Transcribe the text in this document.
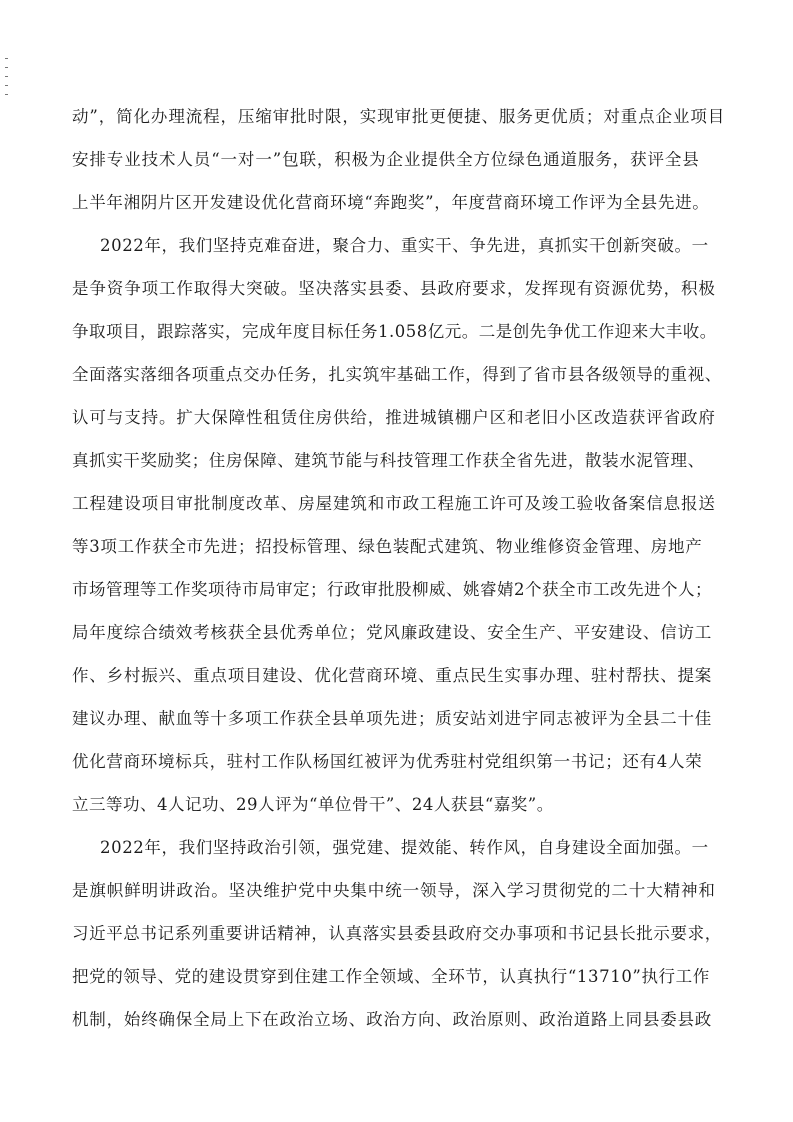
动”，简化办理流程，压缩审批时限，实现审批更便捷、服务更优质；对重点企业项目
安排专业技术人员“一对一”包联，积极为企业提供全方位绿色通道服务，获评全县
上半年湘阴片区开发建设优化营商环境“奔跑奖”，年度营商环境工作评为全县先进。
2022年，我们坚持克难奋进，聚合力、重实干、争先进，真抓实干创新突破。一
是争资争项工作取得大突破。坚决落实县委、县政府要求，发挥现有资源优势，积极
争取项目，跟踪落实，完成年度目标任务1.058亿元。二是创先争优工作迎来大丰收。
全面落实落细各项重点交办任务，扎实筑牢基础工作，得到了省市县各级领导的重视、
认可与支持。扩大保障性租赁住房供给，推进城镇棚户区和老旧小区改造获评省政府
真抓实干奖励奖；住房保障、建筑节能与科技管理工作获全省先进，散装水泥管理、
工程建设项目审批制度改革、房屋建筑和市政工程施工许可及竣工验收备案信息报送
等3项工作获全市先进；招投标管理、绿色装配式建筑、物业维修资金管理、房地产
市场管理等工作奖项待市局审定；行政审批股柳威、姚睿婧2个获全市工改先进个人；
局年度综合绩效考核获全县优秀单位；党风廉政建设、安全生产、平安建设、信访工
作、乡村振兴、重点项目建设、优化营商环境、重点民生实事办理、驻村帮扶、提案
建议办理、献血等十多项工作获全县单项先进；质安站刘进宇同志被评为全县二十佳
优化营商环境标兵，驻村工作队杨国红被评为优秀驻村党组织第一书记；还有4人荣
立三等功、4人记功、29人评为“单位骨干”、24人获县“嘉奖”。
2022年，我们坚持政治引领，强党建、提效能、转作风，自身建设全面加强。一
是旗帜鲜明讲政治。坚决维护党中央集中统一领导，深入学习贯彻党的二十大精神和
习近平总书记系列重要讲话精神，认真落实县委县政府交办事项和书记县长批示要求，
把党的领导、党的建设贯穿到住建工作全领域、全环节，认真执行“13710”执行工作
机制，始终确保全局上下在政治立场、政治方向、政治原则、政治道路上同县委县政
